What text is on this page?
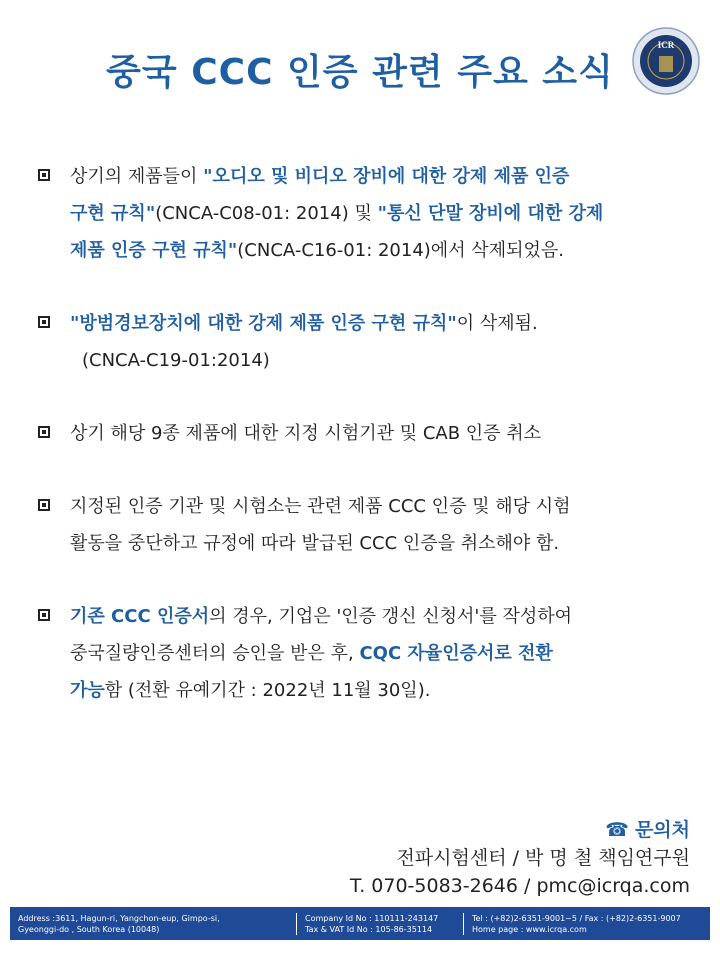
중국 CCC 인증 관련 주요 소식
ICR
상기의 제품들이 "오디오 및 비디오 장비에 대한 강제 제품 인증
구현 규칙"(CNCA-C08-01: 2014) 및 "통신 단말 장비에 대한 강제
제품 인증 구현 규칙"(CNCA-C16-01: 2014)에서 삭제되었음.
"방범경보장치에 대한 강제 제품 인증 구현 규칙"이 삭제됨.
(CNCA-C19-01:2014)
상기 해당 9종 제품에 대한 지정 시험기관 및 CAB 인증 취소
지정된 인증 기관 및 시험소는 관련 제품 CCC 인증 및 해당 시험
활동을 중단하고 규정에 따라 발급된 CCC 인증을 취소해야 함.
기존 CCC 인증서의 경우, 기업은 '인증 갱신 신청서'를 작성하여
중국질량인증센터의 승인을 받은 후, CQC 자율인증서로 전환
가능함 (전환 유예기간 : 2022년 11월 30일).
☎ 문의처
전파시험센터 / 박 명 철 책임연구원
T. 070-5083-2646 / pmc@icrqa.com
Address :3611, Hagun-ri, Yangchon-eup, Gimpo-si,
Gyeonggi-do , South Korea (10048)
Company Id No : 110111-243147
Tax & VAT Id No : 105-86-35114
Tel : (+82)2-6351-9001~5 / Fax : (+82)2-6351-9007
Home page : www.icrqa.com
